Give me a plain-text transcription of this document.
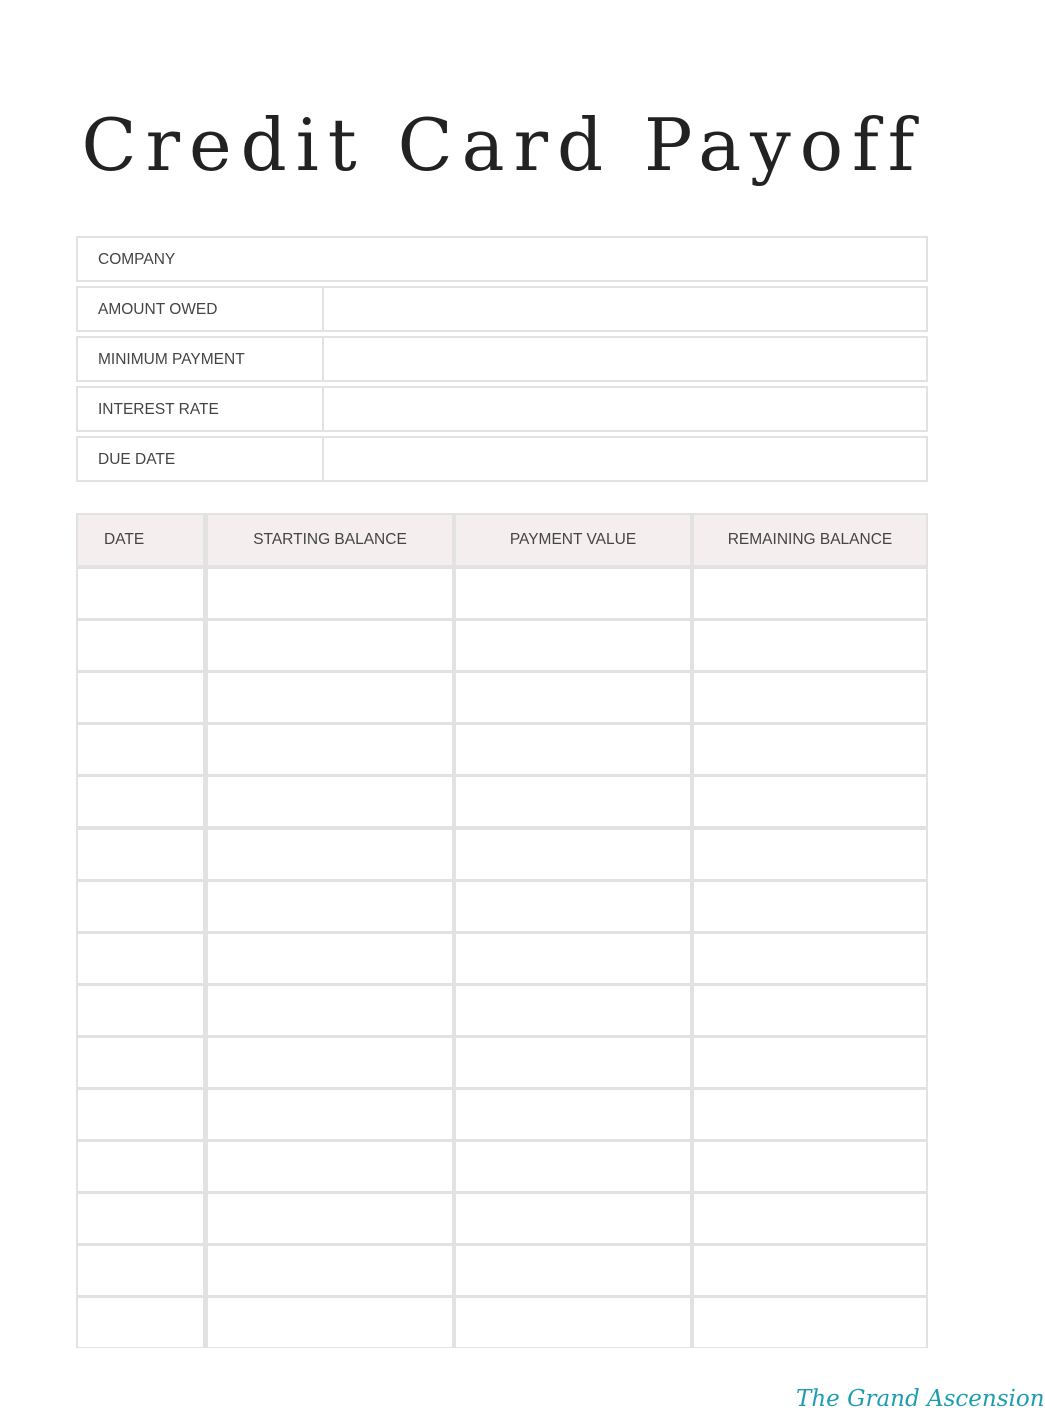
Credit Card Payoff
COMPANY
AMOUNT OWED
MINIMUM PAYMENT
INTEREST RATE
DUE DATE
DATE	STARTING BALANCE	PAYMENT VALUE	REMAINING BALANCE
The Grand Ascension
